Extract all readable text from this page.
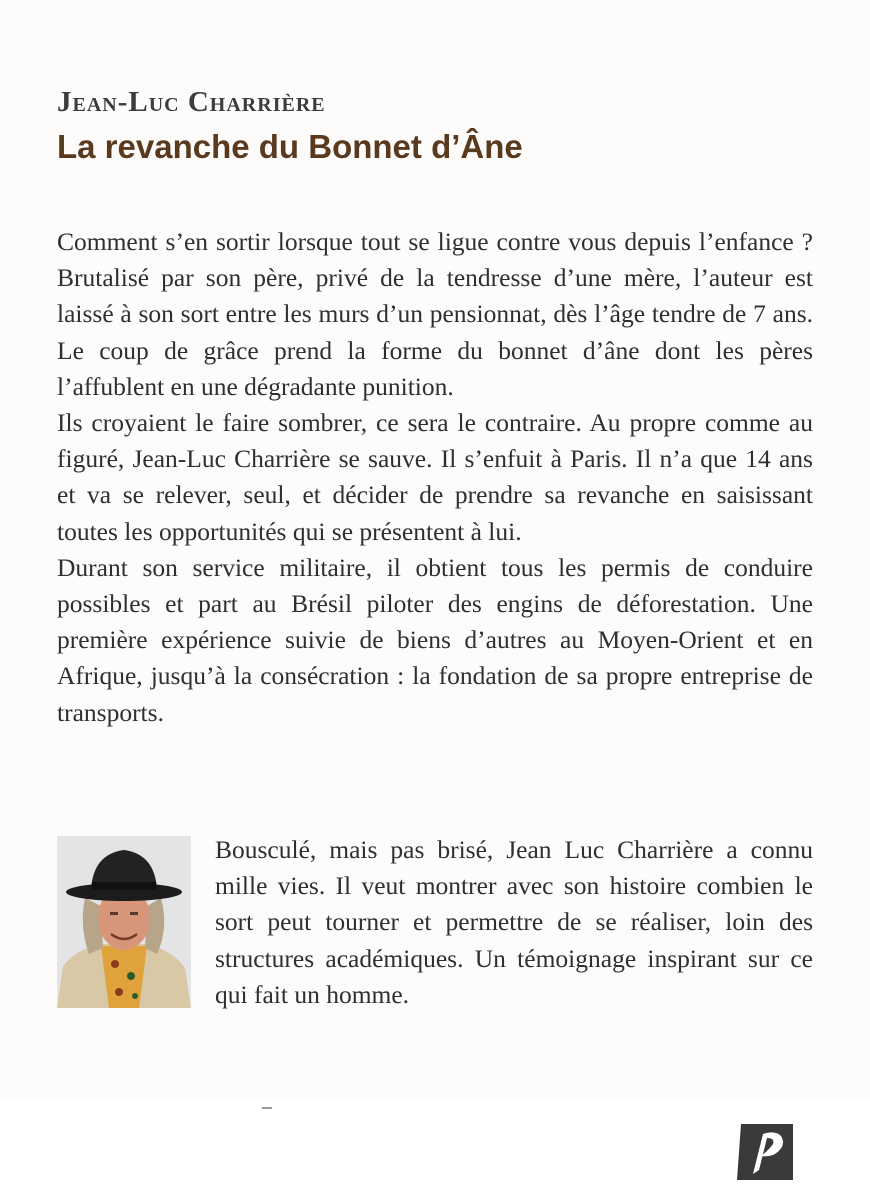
Jean-Luc Charrière
La revanche du Bonnet d’Âne

Comment s’en sortir lorsque tout se ligue contre vous depuis l’enfance ? Brutalisé par son père, privé de la tendresse d’une mère, l’auteur est laissé à son sort entre les murs d’un pensionnat, dès l’âge tendre de 7 ans. Le coup de grâce prend la forme du bonnet d’âne dont les pères l’affublent en une dégradante punition.

Ils croyaient le faire sombrer, ce sera le contraire. Au propre comme au figuré, Jean-Luc Charrière se sauve. Il s’enfuit à Paris. Il n’a que 14 ans et va se relever, seul, et décider de prendre sa revanche en saisissant toutes les opportunités qui se présentent à lui.

Durant son service militaire, il obtient tous les permis de conduire possibles et part au Brésil piloter des engins de déforestation. Une première expérience suivie de biens d’autres au Moyen-Orient et en Afrique, jusqu’à la consécration : la fondation de sa propre entreprise de transports.

Bousculé, mais pas brisé, Jean Luc Charrière a connu mille vies. Il veut montrer avec son histoire combien le sort peut tourner et permettre de se réaliser, loin des structures académiques. Un témoignage inspirant sur ce qui fait un homme.
